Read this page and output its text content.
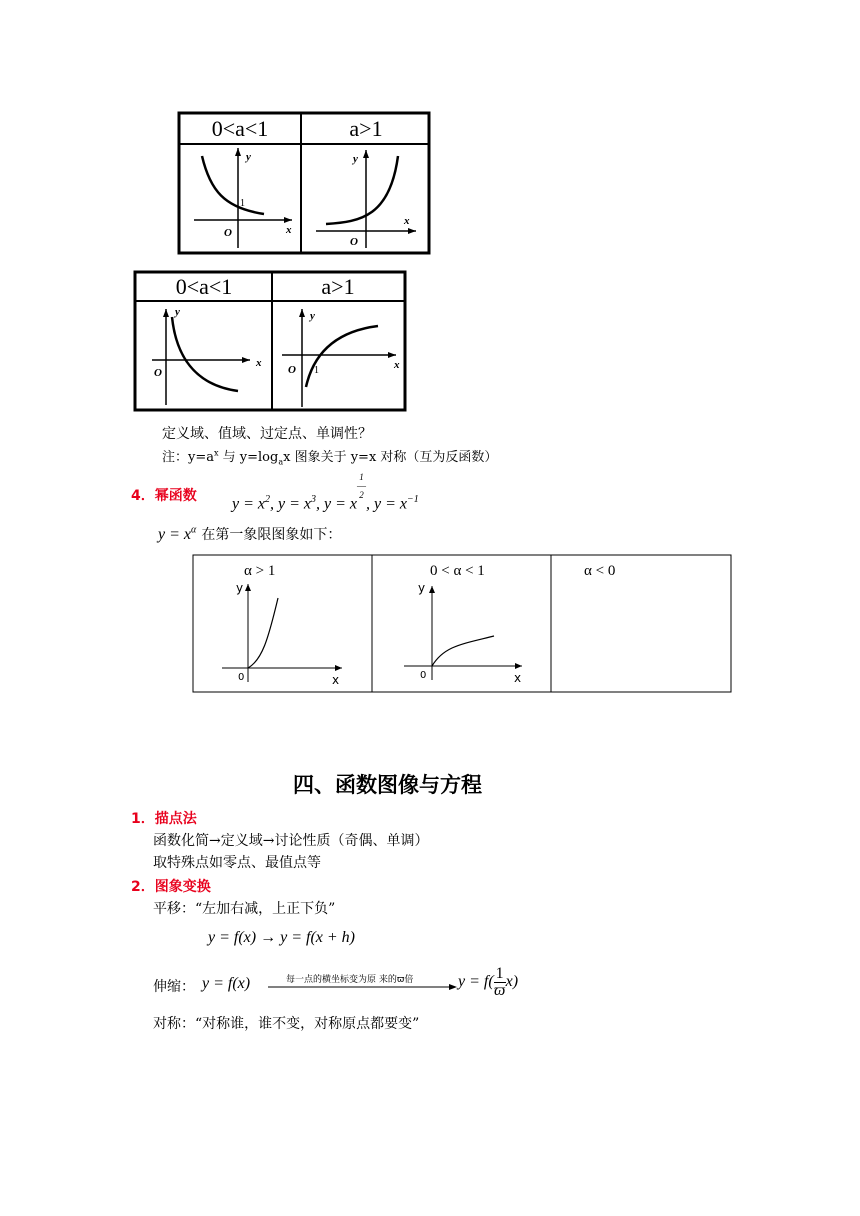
0<a<1	a>1
y
x
O
1
y
x
O
0<a<1	a>1
y
x
O
y
x
O 1
定义域、值域、过定点、单调性？
注：$y=a^x$ 与 $y=\log_ax$ 图象关于 y=x 对称（互为反函数）
4．幂函数 $y = x^2$, $y = x^3$, $y = x^{1 ― 2}$, $y = x^{-1}$
$y = x^\alpha$ 在第一象限图象如下：
α > 1	0 < α < 1	α < 0
y
x
0
y
x
0
四、函数图像与方程
1．描点法
函数化简→定义域→讨论性质（奇偶、单调）
取特殊点如零点、最值点等
2．图象变换
平移：“左加右减，上正下负”
y = f(x) → y = f(x + h)
伸缩： y = f(x)	每一点的横坐标变为原 来的ϖ倍	$y = f( \frac{1}{ϖ} x)$
对称：“对称谁，谁不变，对称原点都要变”
